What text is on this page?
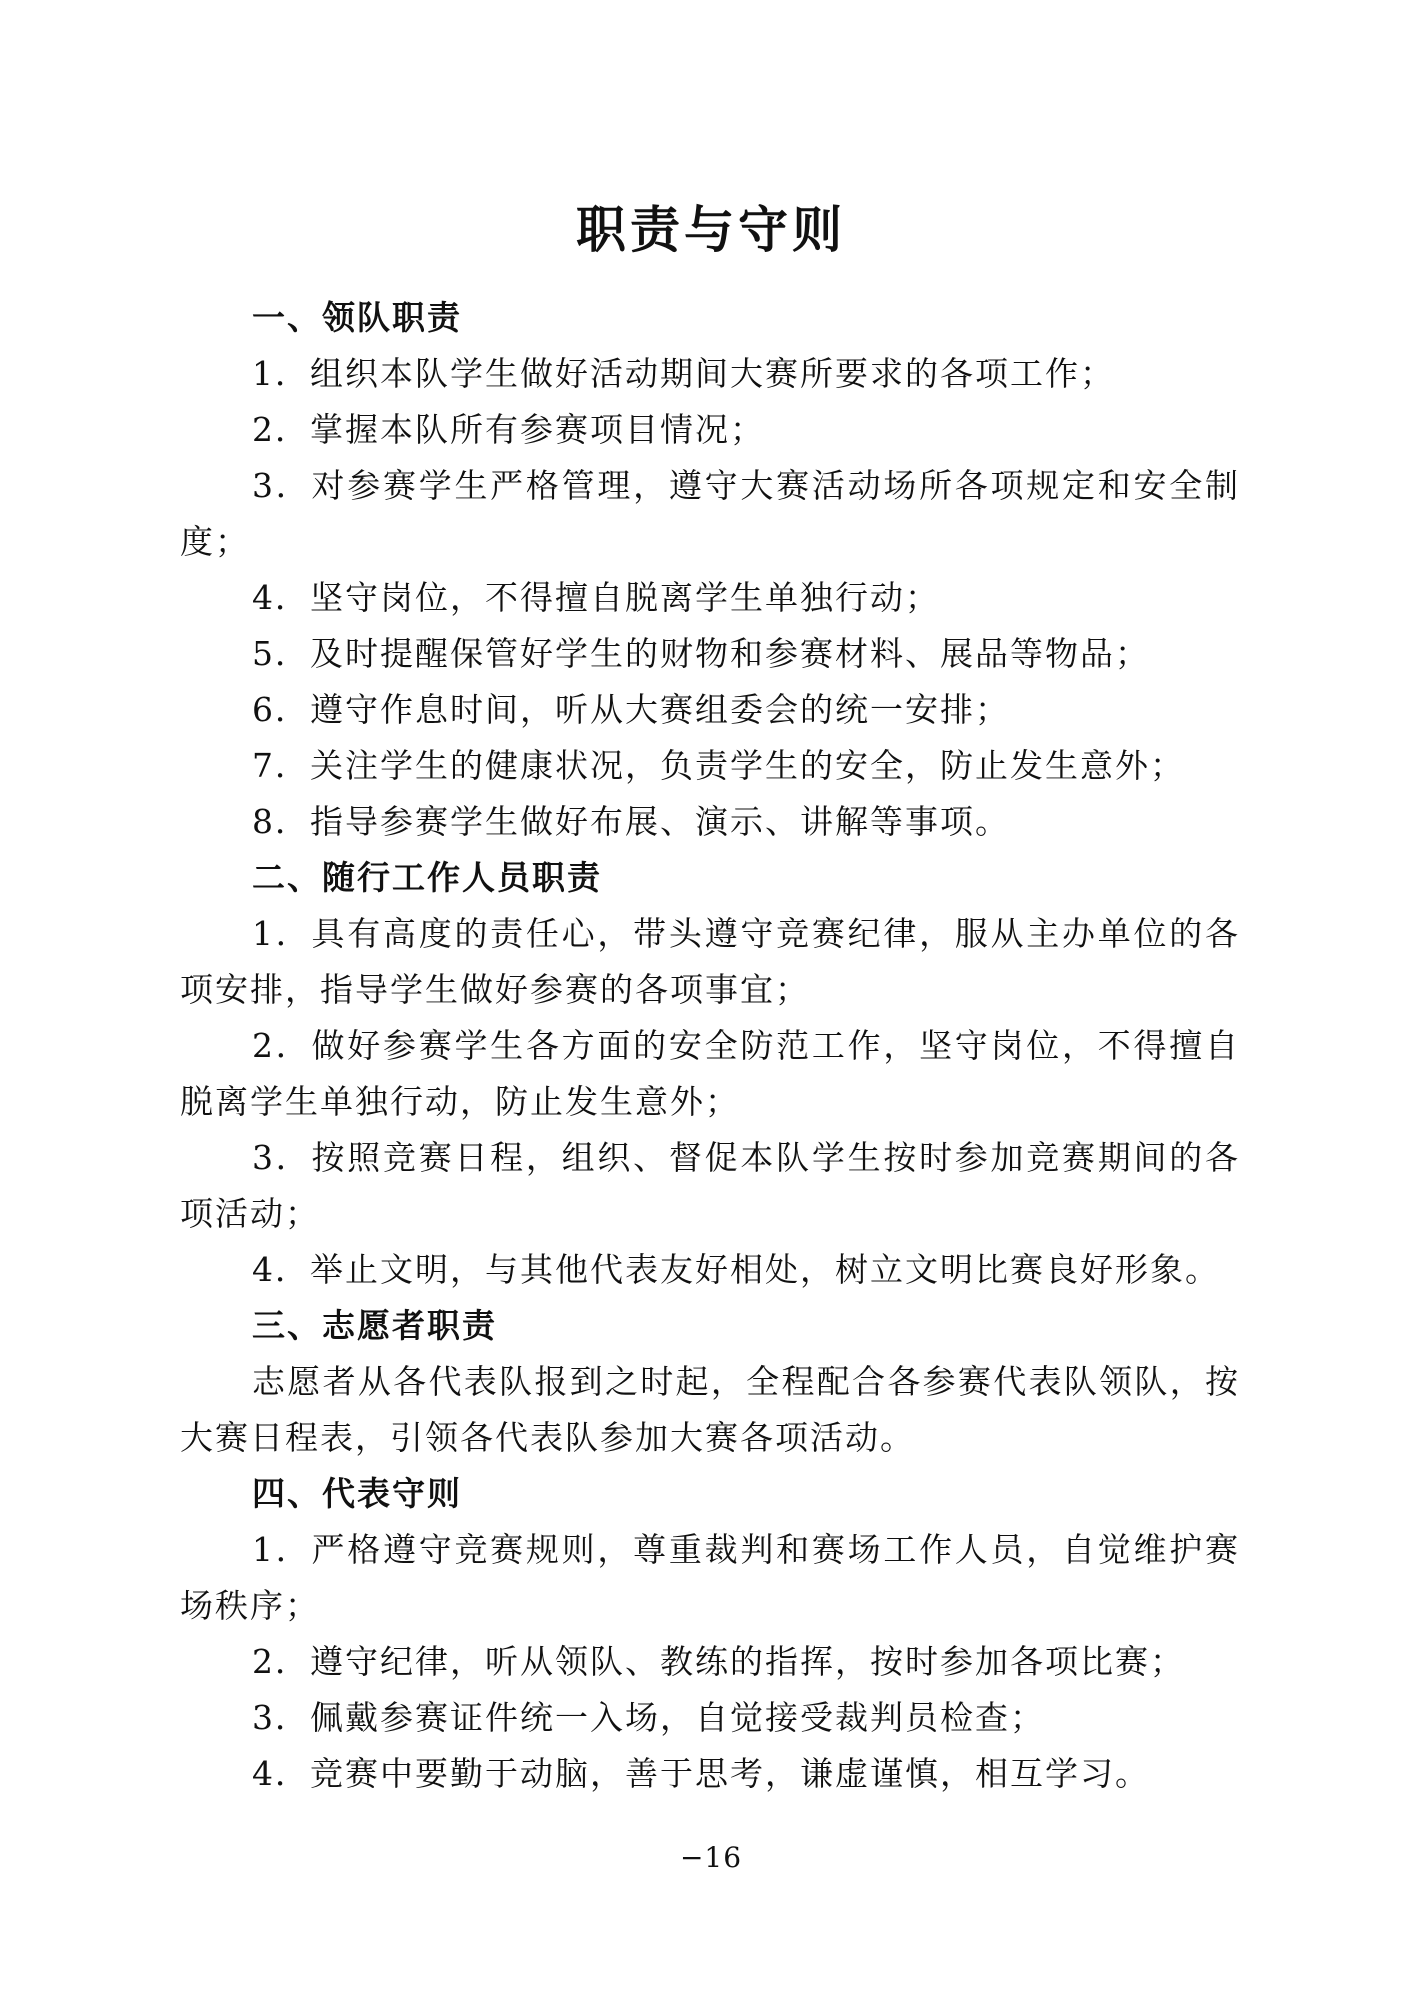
职责与守则
一、领队职责
1．组织本队学生做好活动期间大赛所要求的各项工作；
2．掌握本队所有参赛项目情况；
3．对参赛学生严格管理，遵守大赛活动场所各项规定和安全制度；
4．坚守岗位，不得擅自脱离学生单独行动；
5．及时提醒保管好学生的财物和参赛材料、展品等物品；
6．遵守作息时间，听从大赛组委会的统一安排；
7．关注学生的健康状况，负责学生的安全，防止发生意外；
8．指导参赛学生做好布展、演示、讲解等事项。
二、随行工作人员职责
1．具有高度的责任心，带头遵守竞赛纪律，服从主办单位的各项安排，指导学生做好参赛的各项事宜；
2．做好参赛学生各方面的安全防范工作，坚守岗位，不得擅自脱离学生单独行动，防止发生意外；
3．按照竞赛日程，组织、督促本队学生按时参加竞赛期间的各项活动；
4．举止文明，与其他代表友好相处，树立文明比赛良好形象。
三、志愿者职责
志愿者从各代表队报到之时起，全程配合各参赛代表队领队，按大赛日程表，引领各代表队参加大赛各项活动。
四、代表守则
1．严格遵守竞赛规则，尊重裁判和赛场工作人员，自觉维护赛场秩序；
2．遵守纪律，听从领队、教练的指挥，按时参加各项比赛；
3．佩戴参赛证件统一入场，自觉接受裁判员检查；
4．竞赛中要勤于动脑，善于思考，谦虚谨慎，相互学习。
−16
